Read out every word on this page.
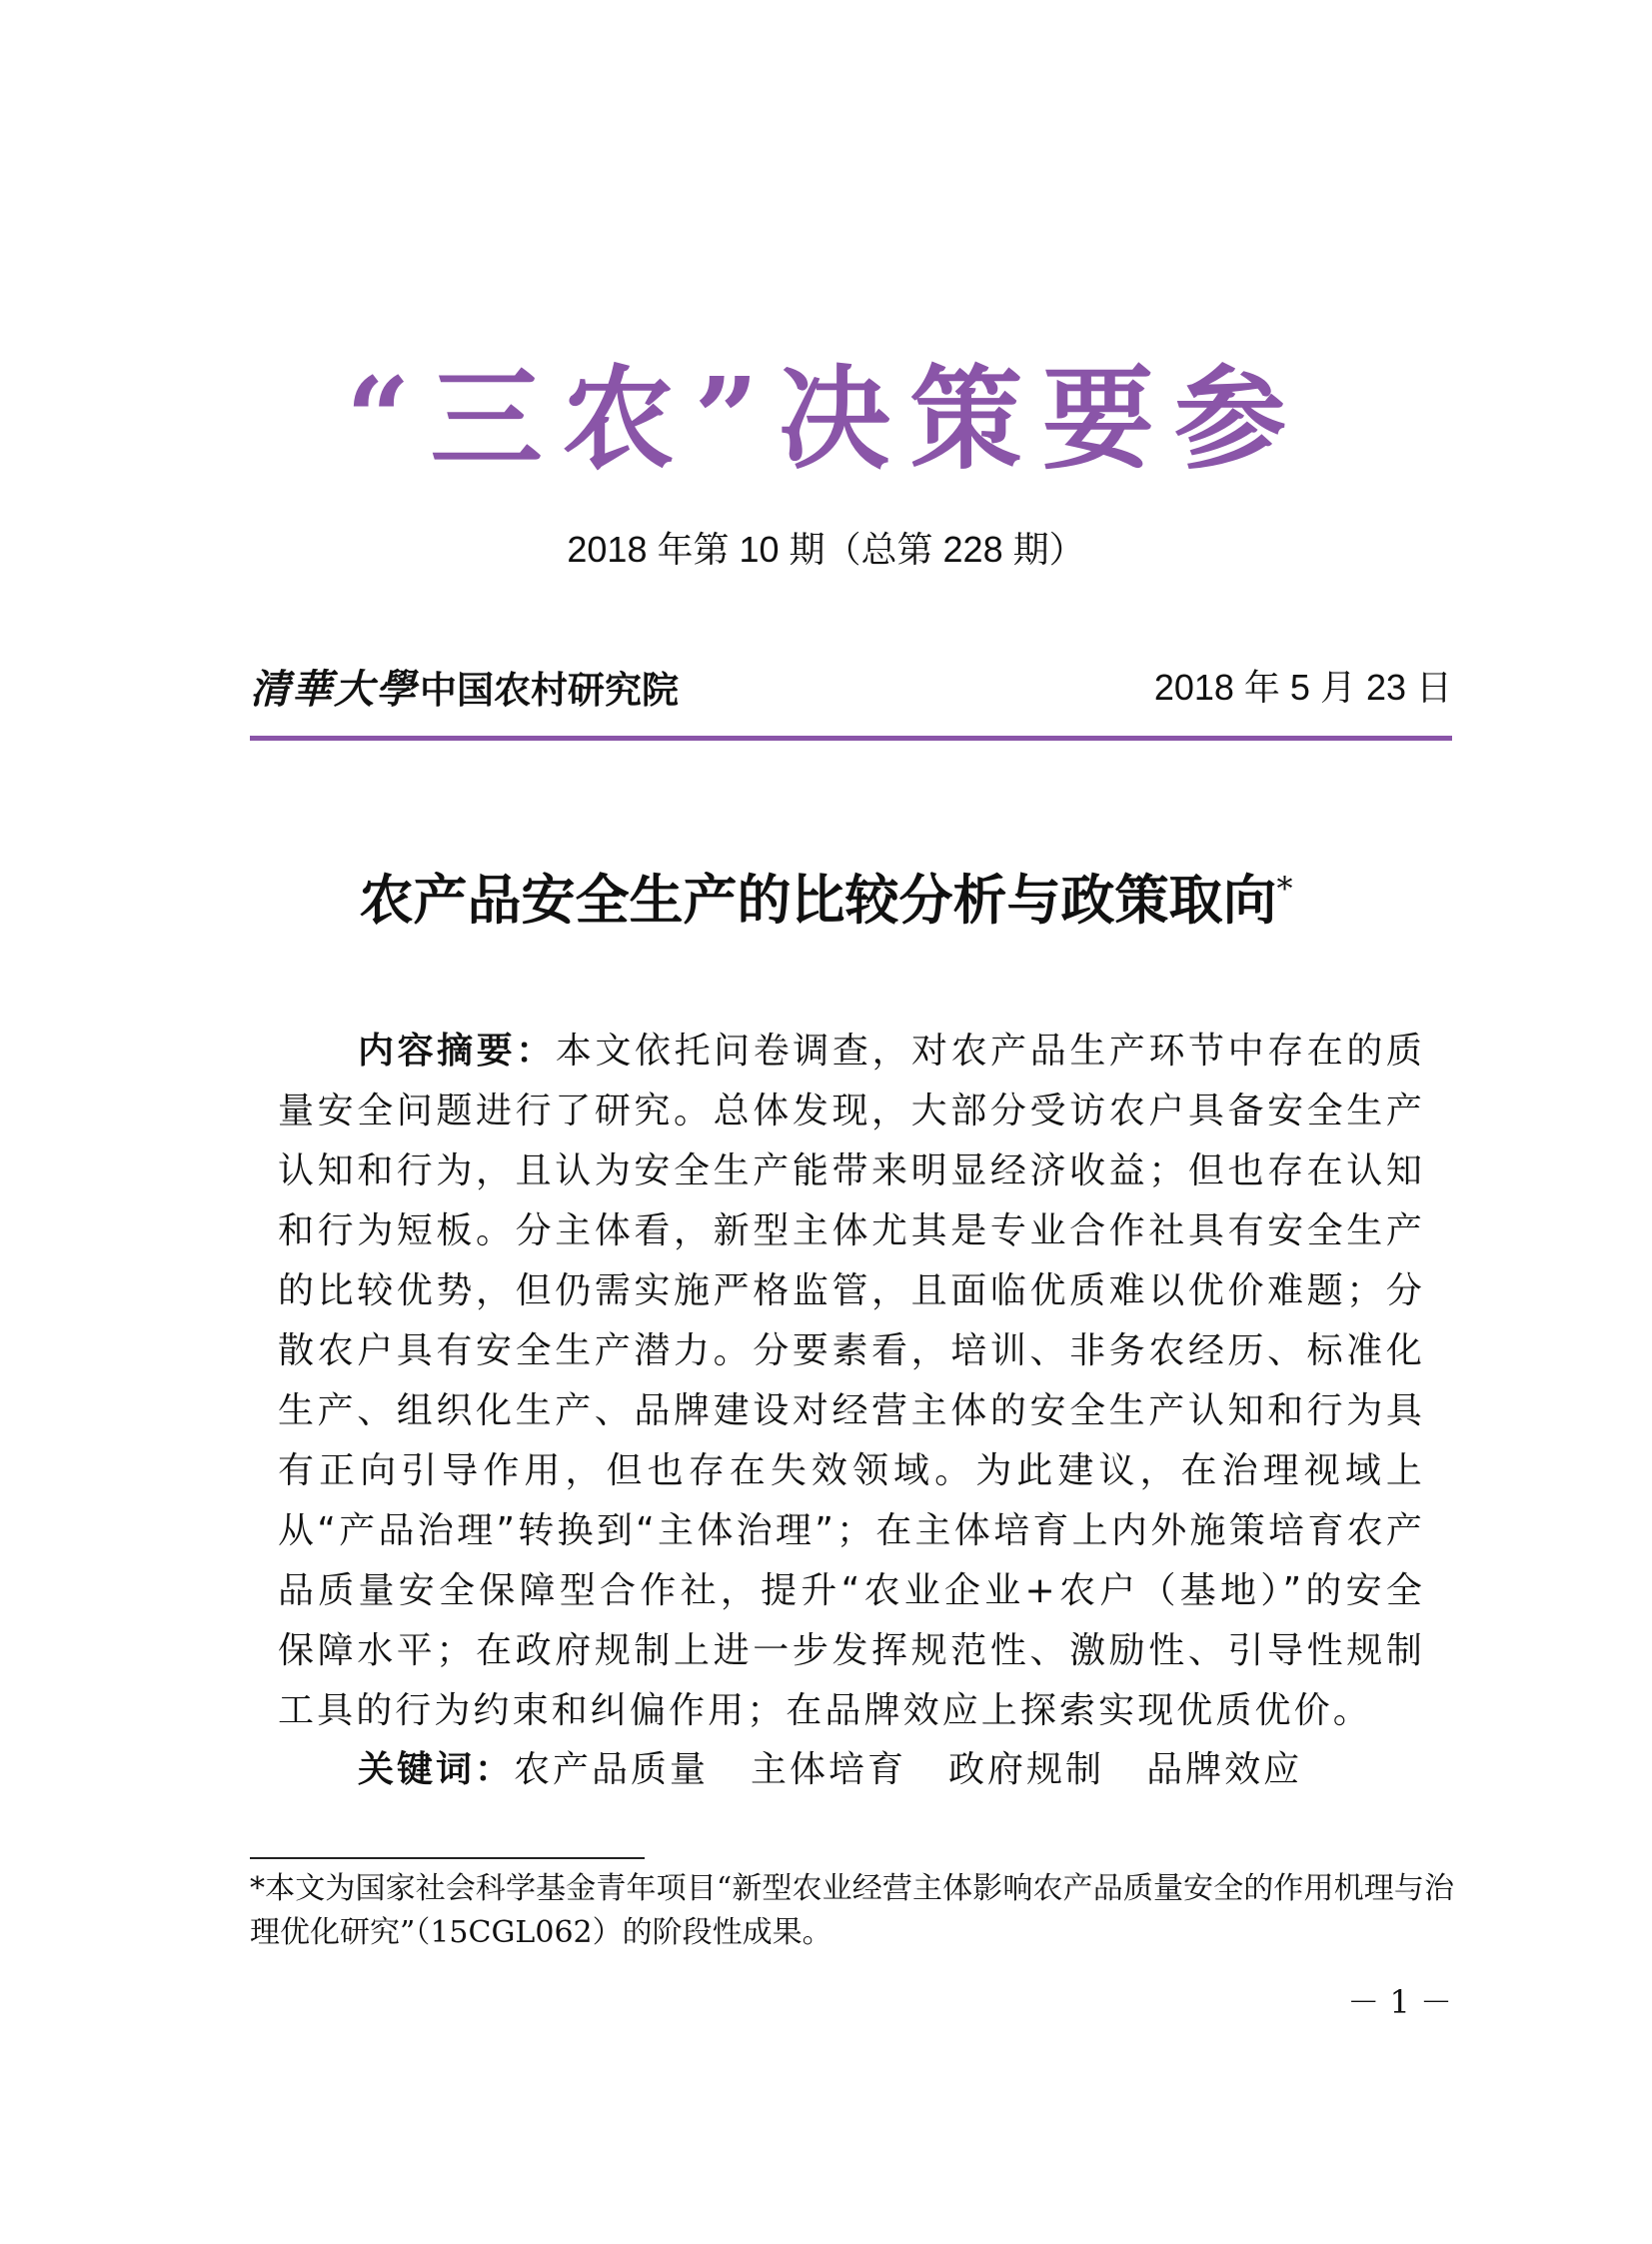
“三农”决策要参
2018 年第 10 期（总第 228 期）
清華大學 中国农村研究院	2018 年 5 月 23 日
农产品安全生产的比较分析与政策取向*
内容摘要：本文依托问卷调查，对农产品生产环节中存在的质量安全问题进行了研究。总体发现，大部分受访农户具备安全生产认知和行为，且认为安全生产能带来明显经济收益；但也存在认知和行为短板。分主体看，新型主体尤其是专业合作社具有安全生产的比较优势，但仍需实施严格监管，且面临优质难以优价难题；分散农户具有安全生产潜力。分要素看，培训、非务农经历、标准化生产、组织化生产、品牌建设对经营主体的安全生产认知和行为具有正向引导作用，但也存在失效领域。为此建议，在治理视域上从“产品治理”转换到“主体治理”；在主体培育上内外施策培育农产品质量安全保障型合作社，提升“农业企业+农户（基地）”的安全保障水平；在政府规制上进一步发挥规范性、激励性、引导性规制工具的行为约束和纠偏作用；在品牌效应上探索实现优质优价。
关键词：农产品质量 主体培育 政府规制 品牌效应
*本文为国家社会科学基金青年项目“新型农业经营主体影响农产品质量安全的作用机理与治理优化研究”（15CGL062）的阶段性成果。
－ 1 －
